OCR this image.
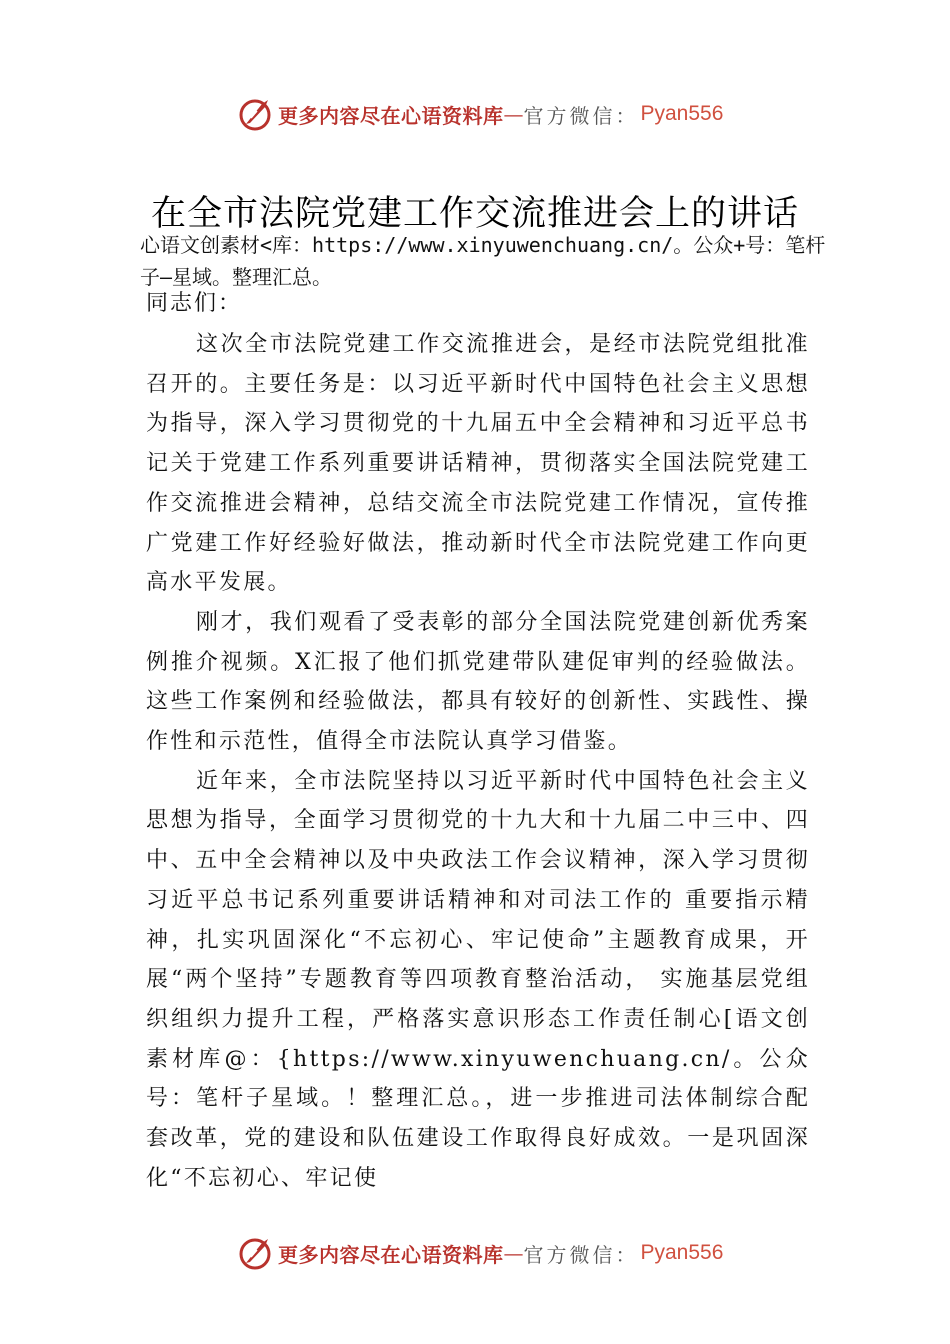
更多内容尽在心语资料库 — 官方微信： Pyan556
在全市法院党建工作交流推进会上的讲话
心语文创素材<库：https://www.xinyuwenchuang.cn/。公众+号：笔杆子—星域。整理汇总。
同志们：

这次全市法院党建工作交流推进会，是经市法院党组批准召开的。主要任务是：以习近平新时代中国特色社会主义思想为指导，深入学习贯彻党的十九届五中全会精神和习近平总书记关于党建工作系列重要讲话精神，贯彻落实全国法院党建工作交流推进会精神，总结交流全市法院党建工作情况，宣传推广党建工作好经验好做法，推动新时代全市法院党建工作向更高水平发展。

刚才，我们观看了受表彰的部分全国法院党建创新优秀案例推介视频。X汇报了他们抓党建带队建促审判的经验做法。这些工作案例和经验做法，都具有较好的创新性、实践性、操作性和示范性，值得全市法院认真学习借鉴。

近年来，全市法院坚持以习近平新时代中国特色社会主义思想为指导，全面学习贯彻党的十九大和十九届二中三中、四中、五中全会精神以及中央政法工作会议精神，深入学习贯彻习近平总书记系列重要讲话精神和对司法工作的 重要指示精神，扎实巩固深化“不忘初心、牢记使命”主题教育成果，开展“两个坚持”专题教育等四项教育整治活动， 实施基层党组织组织力提升工程，严格落实意识形态工作责任制心[语文创素材库@：{https://www.xinyuwenchuang.cn/。公众号：笔杆子星域。！整理汇总。，进一步推进司法体制综合配套改革，党的建设和队伍建设工作取得良好成效。一是巩固深化“不忘初心、牢记使

更多内容尽在心语资料库 — 官方微信： Pyan556
